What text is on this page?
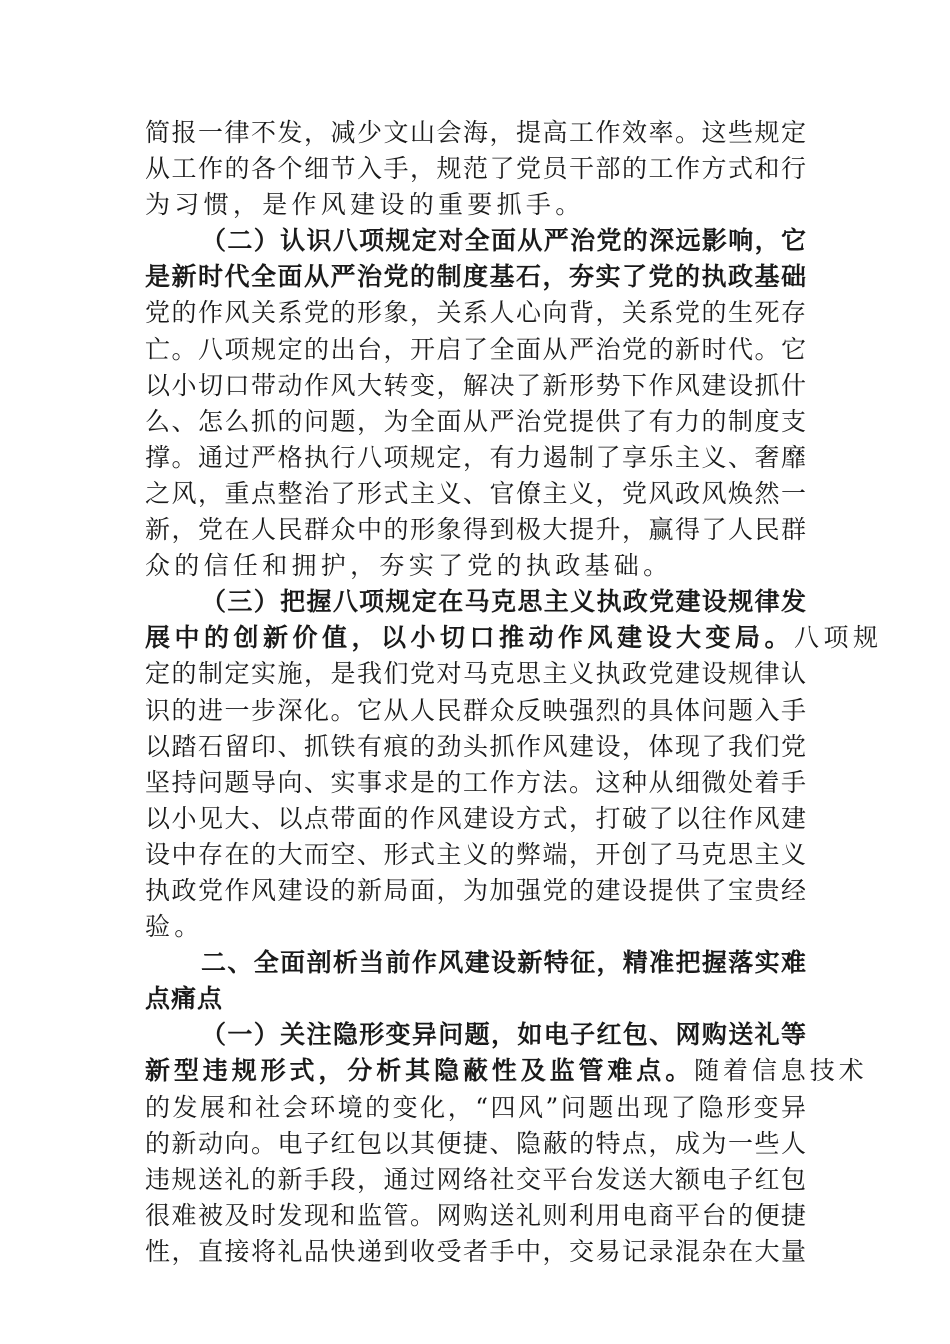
简报一律不发，减少文山会海，提高工作效率。这些规定
从工作的各个细节入手，规范了党员干部的工作方式和行
为习惯，是作风建设的重要抓手。
（二）认识八项规定对全面从严治党的深远影响，它
是新时代全面从严治党的制度基石，夯实了党的执政基础
党的作风关系党的形象，关系人心向背，关系党的生死存
亡。八项规定的出台，开启了全面从严治党的新时代。它
以小切口带动作风大转变，解决了新形势下作风建设抓什
么、怎么抓的问题，为全面从严治党提供了有力的制度支
撑。通过严格执行八项规定，有力遏制了享乐主义、奢靡
之风，重点整治了形式主义、官僚主义，党风政风焕然一
新，党在人民群众中的形象得到极大提升，赢得了人民群
众的信任和拥护，夯实了党的执政基础。
（三）把握八项规定在马克思主义执政党建设规律发
展中的创新价值，以小切口推动作风建设大变局。 八项规
定的制定实施，是我们党对马克思主义执政党建设规律认
识的进一步深化。它从人民群众反映强烈的具体问题入手
以踏石留印、抓铁有痕的劲头抓作风建设，体现了我们党
坚持问题导向、实事求是的工作方法。这种从细微处着手
以小见大、以点带面的作风建设方式，打破了以往作风建
设中存在的大而空、形式主义的弊端，开创了马克思主义
执政党作风建设的新局面，为加强党的建设提供了宝贵经
验。
二、全面剖析当前作风建设新特征，精准把握落实难
点痛点
（一）关注隐形变异问题，如电子红包、网购送礼等
新型违规形式，分析其隐蔽性及监管难点。 随着信息技术
的发展和社会环境的变化，“四风”问题出现了隐形变异
的新动向。电子红包以其便捷、隐蔽的特点，成为一些人
违规送礼的新手段，通过网络社交平台发送大额电子红包
很难被及时发现和监管。网购送礼则利用电商平台的便捷
性，直接将礼品快递到收受者手中，交易记录混杂在大量
